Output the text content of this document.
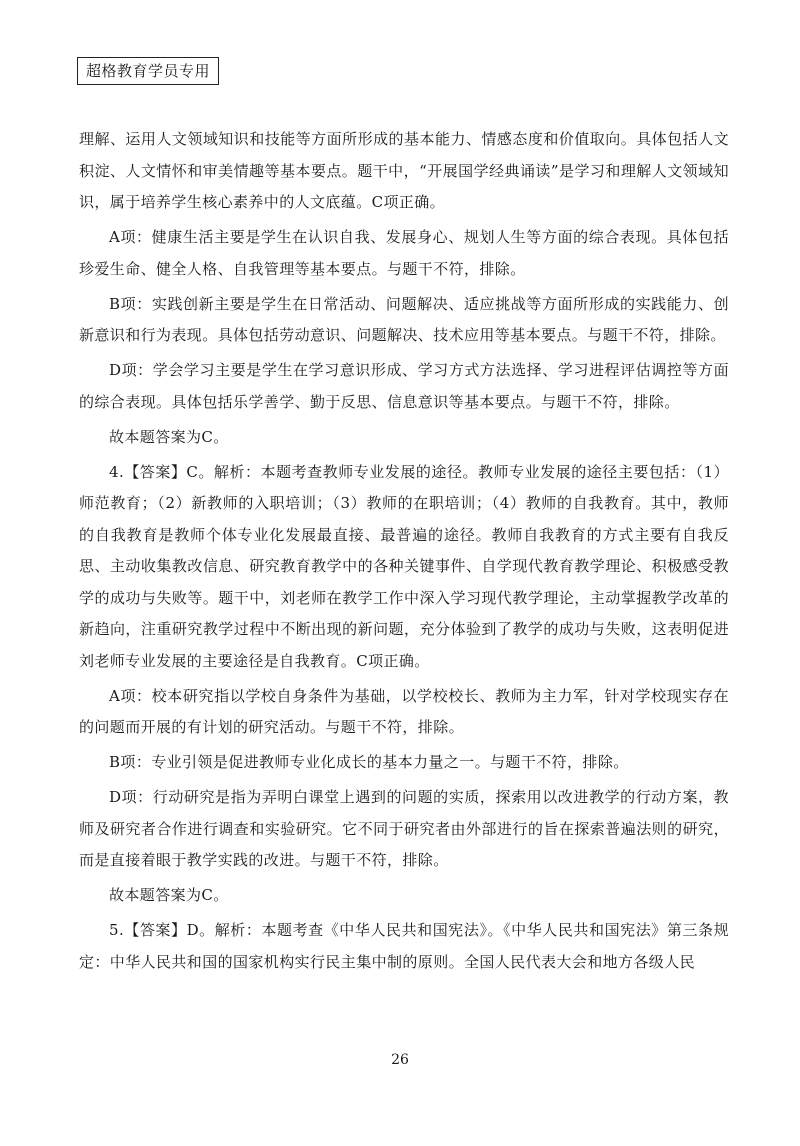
超格教育学员专用

理解、运用人文领域知识和技能等方面所形成的基本能力、情感态度和价值取向。具体包括人文积淀、人文情怀和审美情趣等基本要点。题干中，“开展国学经典诵读”是学习和理解人文领域知识，属于培养学生核心素养中的人文底蕴。C项正确。

A项：健康生活主要是学生在认识自我、发展身心、规划人生等方面的综合表现。具体包括珍爱生命、健全人格、自我管理等基本要点。与题干不符，排除。

B项：实践创新主要是学生在日常活动、问题解决、适应挑战等方面所形成的实践能力、创新意识和行为表现。具体包括劳动意识、问题解决、技术应用等基本要点。与题干不符，排除。

D项：学会学习主要是学生在学习意识形成、学习方式方法选择、学习进程评估调控等方面的综合表现。具体包括乐学善学、勤于反思、信息意识等基本要点。与题干不符，排除。

故本题答案为C。

4.【答案】C。解析：本题考查教师专业发展的途径。教师专业发展的途径主要包括：（1）师范教育；（2）新教师的入职培训；（3）教师的在职培训；（4）教师的自我教育。其中，教师的自我教育是教师个体专业化发展最直接、最普遍的途径。教师自我教育的方式主要有自我反思、主动收集教改信息、研究教育教学中的各种关键事件、自学现代教育教学理论、积极感受教学的成功与失败等。题干中，刘老师在教学工作中深入学习现代教学理论，主动掌握教学改革的新趋向，注重研究教学过程中不断出现的新问题，充分体验到了教学的成功与失败，这表明促进刘老师专业发展的主要途径是自我教育。C项正确。

A项：校本研究指以学校自身条件为基础，以学校校长、教师为主力军，针对学校现实存在的问题而开展的有计划的研究活动。与题干不符，排除。

B项：专业引领是促进教师专业化成长的基本力量之一。与题干不符，排除。

D项：行动研究是指为弄明白课堂上遇到的问题的实质，探索用以改进教学的行动方案，教师及研究者合作进行调查和实验研究。它不同于研究者由外部进行的旨在探索普遍法则的研究，而是直接着眼于教学实践的改进。与题干不符，排除。

故本题答案为C。

5.【答案】D。解析：本题考查《中华人民共和国宪法》。《中华人民共和国宪法》第三条规定：中华人民共和国的国家机构实行民主集中制的原则。全国人民代表大会和地方各级人民

26
